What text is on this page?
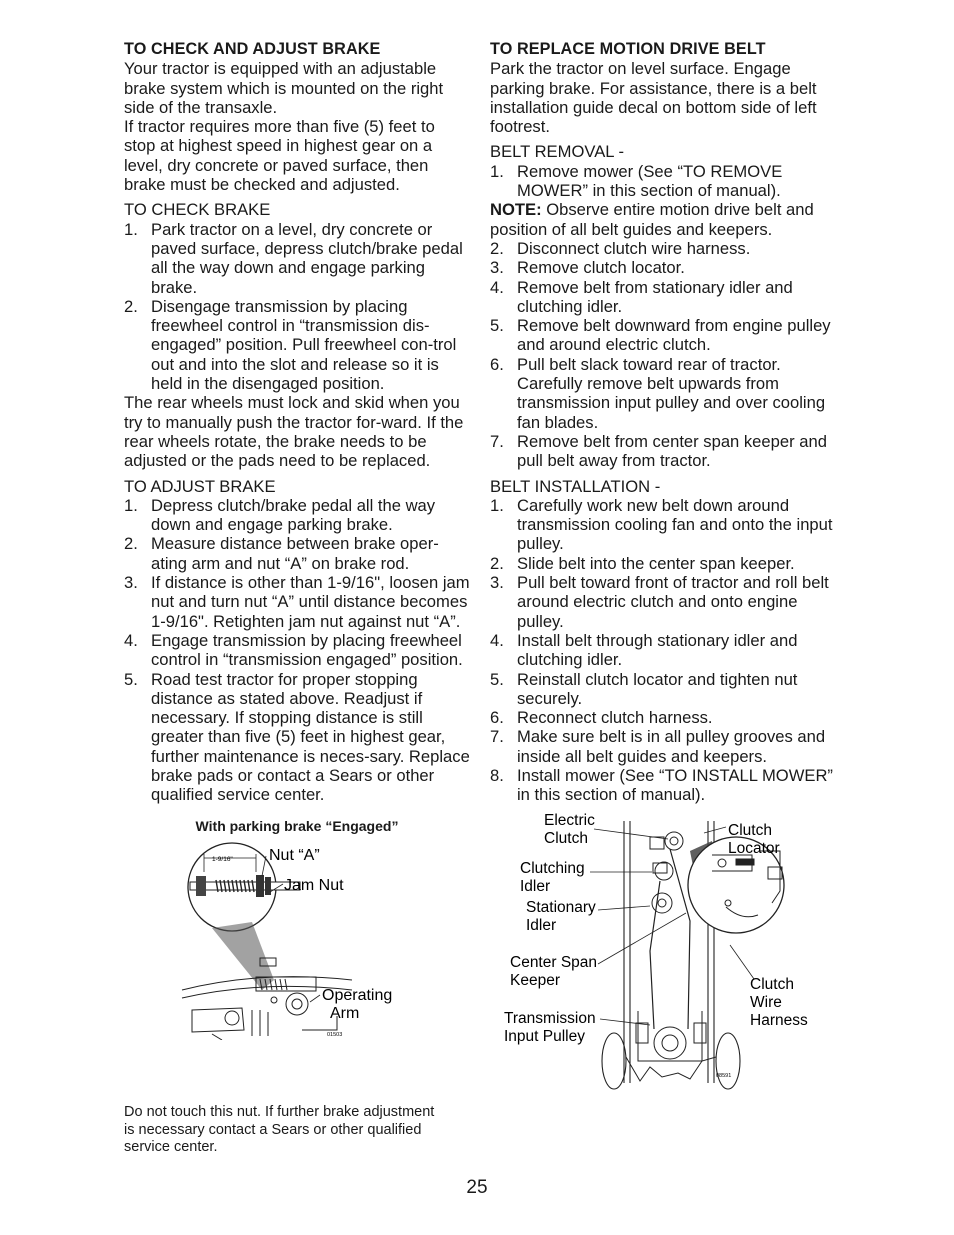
TO CHECK AND ADJUST BRAKE

Your tractor is equipped with an adjustable brake system which is mounted on the right side of the transaxle.

If tractor requires more than five (5) feet to stop at highest speed in highest gear on a level, dry concrete or paved surface, then brake must be checked and adjusted.

TO CHECK BRAKE

1. Park tractor on a level, dry concrete or paved surface, depress clutch/brake pedal all the way down and engage parking brake.
2. Disengage transmission by placing freewheel control in “transmission dis-engaged” position. Pull freewheel con-trol out and into the slot and release so it is held in the disengaged position.

The rear wheels must lock and skid when you try to manually push the tractor for-ward. If the rear wheels rotate, the brake needs to be adjusted or the pads need to be replaced.

TO ADJUST BRAKE

1. Depress clutch/brake pedal all the way down and engage parking brake.
2. Measure distance between brake oper-ating arm and nut “A” on brake rod.
3. If distance is other than 1-9/16", loosen jam nut and turn nut “A” until distance becomes 1-9/16". Retighten jam nut against nut “A”.
4. Engage transmission by placing freewheel control in “transmission engaged” position.
5. Road test tractor for proper stopping distance as stated above. Readjust if necessary. If stopping distance is still greater than five (5) feet in highest gear, further maintenance is neces-sary. Replace brake pads or contact a Sears or other qualified service center.

With parking brake “Engaged”

1-9/16" Nut “A”
Jam Nut
Operating
Arm
01503

Do not touch this nut. If further brake adjustment is necessary contact a Sears or other qualified service center.

TO REPLACE MOTION DRIVE BELT

Park the tractor on level surface. Engage parking brake. For assistance, there is a belt installation guide decal on bottom side of left footrest.

BELT REMOVAL -

1. Remove mower (See “TO REMOVE MOWER” in this section of manual).

NOTE: Observe entire motion drive belt and position of all belt guides and keepers.

2. Disconnect clutch wire harness.
3. Remove clutch locator.
4. Remove belt from stationary idler and clutching idler.
5. Remove belt downward from engine pulley and around electric clutch.
6. Pull belt slack toward rear of tractor. Carefully remove belt upwards from transmission input pulley and over cooling fan blades.
7. Remove belt from center span keeper and pull belt away from tractor.

BELT INSTALLATION -

1. Carefully work new belt down around transmission cooling fan and onto the input pulley.
2. Slide belt into the center span keeper.
3. Pull belt toward front of tractor and roll belt around electric clutch and onto engine pulley.
4. Install belt through stationary idler and clutching idler.
5. Reinstall clutch locator and tighten nut securely.
6. Reconnect clutch harness.
7. Make sure belt is in all pulley grooves and inside all belt guides and keepers.
8. Install mower (See “TO INSTALL MOWER” in this section of manual).
Electric
Clutch
Clutching
Idler
Stationary
Idler
Center Span
Keeper
Transmission
Input Pulley
Clutch
Locator
Clutch
Wire
Harness
08591
25
